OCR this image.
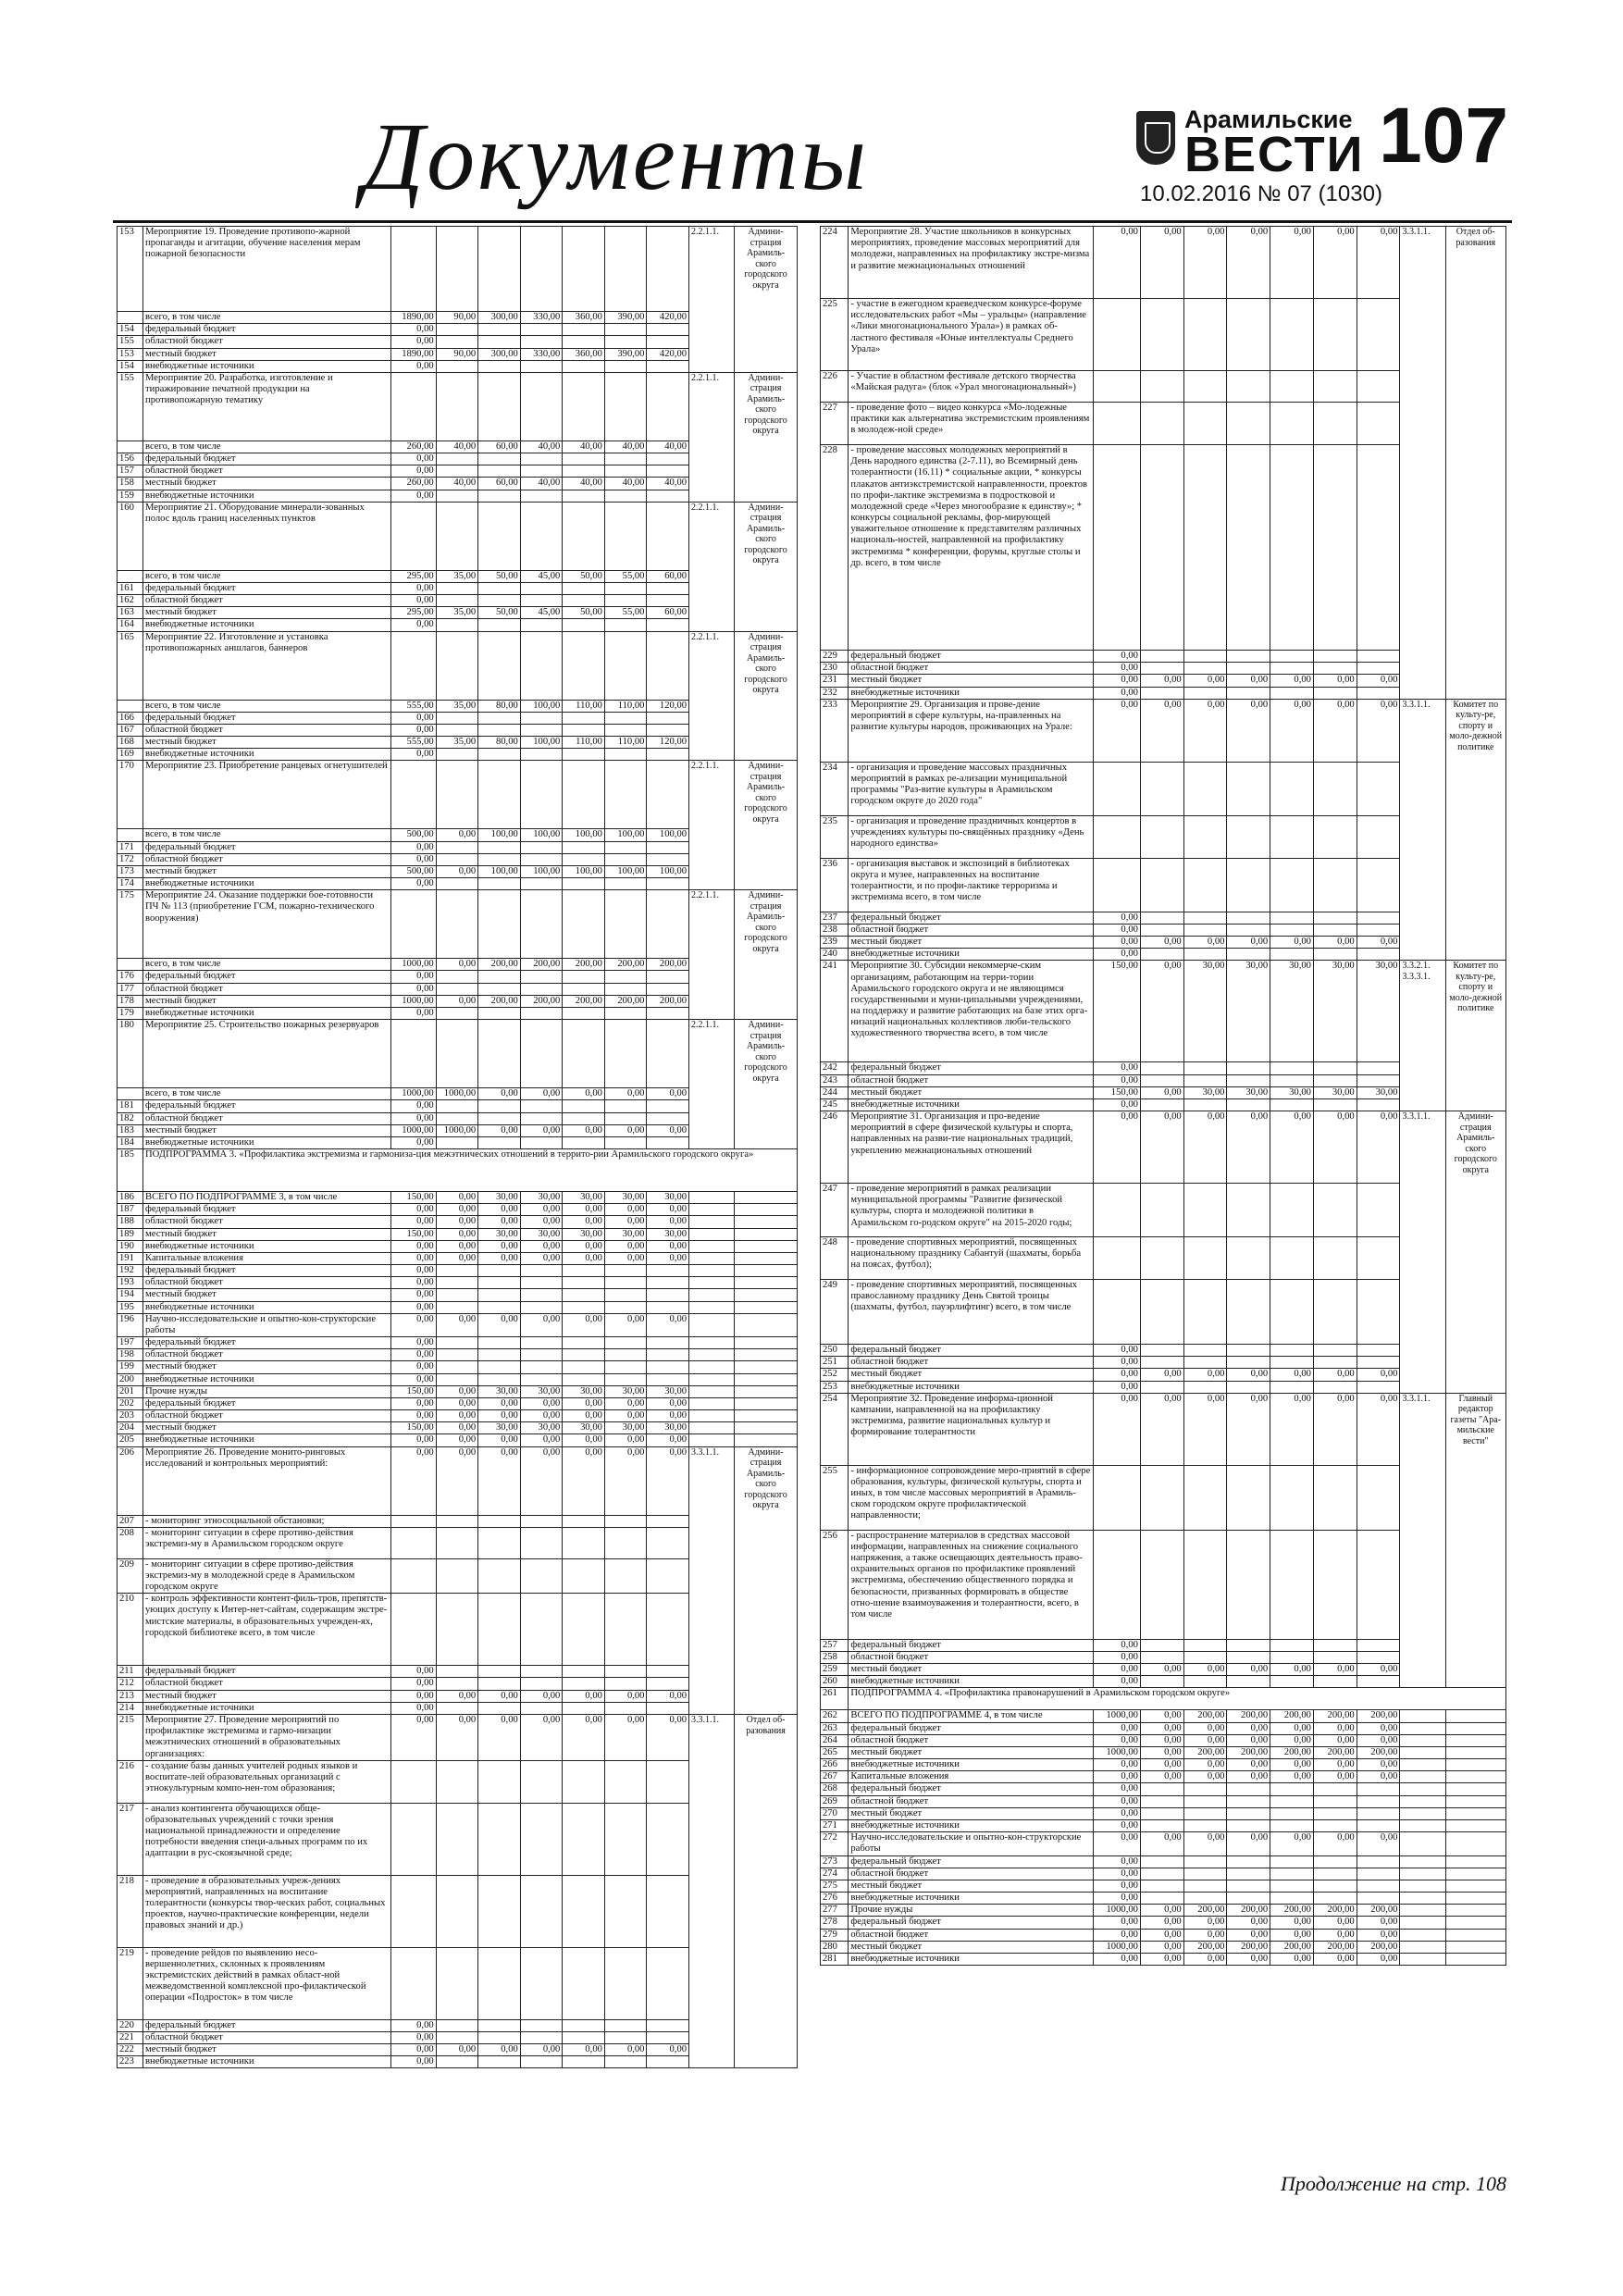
Документы	Арамильские
ВЕСТИ 107
10.02.2016 № 07 (1030)
153	Мероприятие 19. Проведение противопо-жарной пропаганды и агитации, обучение населения мерам пожарной безопасности								2.2.1.1.	Админи-страция Арамиль-ского городского округа
	всего, в том числе	1890,00	90,00	300,00	330,00	360,00	390,00	420,00		
154	федеральный бюджет	0,00								
155	областной бюджет	0,00								
153	местный бюджет	1890,00	90,00	300,00	330,00	360,00	390,00	420,00		
154	внебюджетные источники	0,00								
155	Мероприятие 20. Разработка, изготовление и тиражирование печатной продукции на противопожарную тематику								2.2.1.1.	Админи-страция Арамиль-ского городского округа
	всего, в том числе	260,00	40,00	60,00	40,00	40,00	40,00	40,00		
156	федеральный бюджет	0,00								
157	областной бюджет	0,00								
158	местный бюджет	260,00	40,00	60,00	40,00	40,00	40,00	40,00		
159	внебюджетные источники	0,00								
160	Мероприятие 21. Оборудование минерали-зованных полос вдоль границ населенных пунктов								2.2.1.1.	Админи-страция Арамиль-ского городского округа
	всего, в том числе	295,00	35,00	50,00	45,00	50,00	55,00	60,00		
161	федеральный бюджет	0,00								
162	областной бюджет	0,00								
163	местный бюджет	295,00	35,00	50,00	45,00	50,00	55,00	60,00		
164	внебюджетные источники	0,00								
165	Мероприятие 22. Изготовление и установка противопожарных аншлагов, баннеров								2.2.1.1.	Админи-страция Арамиль-ского городского округа
	всего, в том числе	555,00	35,00	80,00	100,00	110,00	110,00	120,00		
166	федеральный бюджет	0,00								
167	областной бюджет	0,00								
168	местный бюджет	555,00	35,00	80,00	100,00	110,00	110,00	120,00		
169	внебюджетные источники	0,00								
170	Мероприятие 23. Приобретение ранцевых огнетушителей								2.2.1.1.	Админи-страция Арамиль-ского городского округа
	всего, в том числе	500,00	0,00	100,00	100,00	100,00	100,00	100,00		
171	федеральный бюджет	0,00								
172	областной бюджет	0,00								
173	местный бюджет	500,00	0,00	100,00	100,00	100,00	100,00	100,00		
174	внебюджетные источники	0,00								
175	Мероприятие 24. Оказание поддержки бое-готовности ПЧ № 113 (приобретение ГСМ, пожарно-технического вооружения)								2.2.1.1.	Админи-страция Арамиль-ского городского округа
	всего, в том числе	1000,00	0,00	200,00	200,00	200,00	200,00	200,00		
176	федеральный бюджет	0,00								
177	областной бюджет	0,00								
178	местный бюджет	1000,00	0,00	200,00	200,00	200,00	200,00	200,00		
179	внебюджетные источники	0,00								
180	Мероприятие 25. Строительство пожарных резервуаров								2.2.1.1.	Админи-страция Арамиль-ского городского округа
	всего, в том числе	1000,00	1000,00	0,00	0,00	0,00	0,00	0,00		
181	федеральный бюджет	0,00								
182	областной бюджет	0,00								
183	местный бюджет	1000,00	1000,00	0,00	0,00	0,00	0,00	0,00		
184	внебюджетные источники	0,00								
185	ПОДПРОГРАММА 3. «Профилактика экстремизма и гармониза-ция межэтнических отношений в террито-рии Арамильского городского округа»									
186	ВСЕГО ПО ПОДПРОГРАММЕ 3, в том числе	150,00	0,00	30,00	30,00	30,00	30,00	30,00		
187	федеральный бюджет	0,00	0,00	0,00	0,00	0,00	0,00	0,00		
188	областной бюджет	0,00	0,00	0,00	0,00	0,00	0,00	0,00		
189	местный бюджет	150,00	0,00	30,00	30,00	30,00	30,00	30,00		
190	внебюджетные источники	0,00	0,00	0,00	0,00	0,00	0,00	0,00		
191	Капитальные вложения	0,00	0,00	0,00	0,00	0,00	0,00	0,00		
192	федеральный бюджет	0,00								
193	областной бюджет	0,00								
194	местный бюджет	0,00								
195	внебюджетные источники	0,00								
196	Научно-исследовательские и опытно-кон-структорские работы	0,00	0,00	0,00	0,00	0,00	0,00	0,00		
197	федеральный бюджет	0,00								
198	областной бюджет	0,00								
199	местный бюджет	0,00								
200	внебюджетные источники	0,00								
201	Прочие нужды	150,00	0,00	30,00	30,00	30,00	30,00	30,00		
202	федеральный бюджет	0,00	0,00	0,00	0,00	0,00	0,00	0,00		
203	областной бюджет	0,00	0,00	0,00	0,00	0,00	0,00	0,00		
204	местный бюджет	150,00	0,00	30,00	30,00	30,00	30,00	30,00		
205	внебюджетные источники	0,00	0,00	0,00	0,00	0,00	0,00	0,00		
206	Мероприятие 26. Проведение монито-ринговых исследований и контрольных мероприятий:	0,00	0,00	0,00	0,00	0,00	0,00	0,00	3.3.1.1.	Админи-страция Арамиль-ского городского округа
207	- мониторинг этносоциальной обстановки;									
208	- мониторинг ситуации в сфере противо-действия экстремиз-му в Арамильском городском округе									
209	- мониторинг ситуации в сфере противо-действия экстремиз-му в молодежной среде в Арамильском городском округе									
210	- контроль эффективности контент-филь-тров, препятств-ующих доступу к Интер-нет-сайтам, содержащим экстре-мистские материалы, в образовательных учрежден-ях, городской библиотеке всего, в том числе									
211	федеральный бюджет	0,00								
212	областной бюджет	0,00								
213	местный бюджет	0,00	0,00	0,00	0,00	0,00	0,00	0,00		
214	внебюджетные источники	0,00								
215	Мероприятие 27. Проведение мероприятий по профилактике экстремизма и гармо-низации межэтнических отношений в образовательных организациях:	0,00	0,00	0,00	0,00	0,00	0,00	0,00	3.3.1.1.	Отдел об-разования
216	- создание базы данных учителей родных языков и воспитате-лей образовательных организаций с этнокультурным компо-нен-том образования;									
217	- анализ контингента обучающихся обще-образовательных учреждений с точки зрения национальной принадлежности и определение потребности введения специ-альных программ по их адаптации в рус-скоязычной среде;									
218	- проведение в образовательных учреж-дениях мероприятий, направленных на воспитание толерантности (конкурсы твор-ческих работ, социальных проектов, научно-практические конференции, недели правовых знаний и др.)									
219	- проведение рейдов по выявлению несо-вершеннолетних, склонных к проявлениям экстремистских действий в рамках област-ной межведомственной комплексной про-филактической операции «Подросток» в том числе									
220	федеральный бюджет	0,00								
221	областной бюджет	0,00								
222	местный бюджет	0,00	0,00	0,00	0,00	0,00	0,00	0,00		
223	внебюджетные источники	0,00								
224	Мероприятие 28. Участие школьников в конкурсных мероприятиях, проведение массовых мероприятий для молодежи, направленных на профилактику экстре-мизма и развитие межнациональных отношений	0,00	0,00	0,00	0,00	0,00	0,00	0,00	3.3.1.1.	Отдел об-разования
225	- участие в ежегодном краеведческом конкурсе-форуме исследовательских работ «Мы – уральцы» (направление «Лики многонационального Урала») в рамках об-ластного фестиваля «Юные интеллектуалы Среднего Урала»									
226	- Участие в областном фестивале детского творчества «Майская радуга» (блок «Урал многонациональный»)									
227	- проведение фото – видео конкурса «Мо-лодежные практики как альтернатива экстремистским проявлениям в молодеж-ной среде»									
228	- проведение массовых молодежных мероприятий в День народного единства (2-7.11), во Всемирный день толерантности (16.11) * социальные акции, * конкурсы плакатов антиэкстремистской направленности, проектов по профи-лактике экстремизма в подростковой и молодежной среде «Через многообразие к единству»; * конкурсы социальной рекламы, фор-мирующей уважительное отношение к представителям различных националь-ностей, направленной на профилактику экстремизма * конференции, форумы, круглые столы и др. всего, в том числе									
229	федеральный бюджет	0,00								
230	областной бюджет	0,00								
231	местный бюджет	0,00	0,00	0,00	0,00	0,00	0,00	0,00		
232	внебюджетные источники	0,00								
233	Мероприятие 29. Организация и прове-дение мероприятий в сфере культуры, на-правленных на развитие культуры народов, проживающих на Урале:	0,00	0,00	0,00	0,00	0,00	0,00	0,00	3.3.1.1.	Комитет по культу-ре, спорту и моло-дежной политике
234	- организация и проведение массовых праздничных мероприятий в рамках ре-ализации муниципальной программы "Раз-витие культуры в Арамильском городском округе до 2020 года"									
235	- организация и проведение праздничных концертов в учреждениях культуры по-свящённых празднику «День народного единства»									
236	- организация выставок и экспозиций в библиотеках округа и музее, направленных на воспитание толерантности, и по профи-лактике терроризма и экстремизма всего, в том числе									
237	федеральный бюджет	0,00								
238	областной бюджет	0,00								
239	местный бюджет	0,00	0,00	0,00	0,00	0,00	0,00	0,00		
240	внебюджетные источники	0,00								
241	Мероприятие 30. Субсидии некоммерче-ским организациям, работающим на терри-тории Арамильского городского округа и не являющимся государственными и муни-ципальными учреждениями, на поддержку и развитие работающих на базе этих орга-низаций национальных коллективов люби-тельского художественного творчества всего, в том числе	150,00	0,00	30,00	30,00	30,00	30,00	30,00	3.3.2.1. 3.3.3.1.	Комитет по культу-ре, спорту и моло-дежной политике
242	федеральный бюджет	0,00								
243	областной бюджет	0,00								
244	местный бюджет	150,00	0,00	30,00	30,00	30,00	30,00	30,00		
245	внебюджетные источники	0,00								
246	Мероприятие 31. Организация и про-ведение мероприятий в сфере физической культуры и спорта, направленных на разви-тие национальных традиций, укреплению межнациональных отношений	0,00	0,00	0,00	0,00	0,00	0,00	0,00	3.3.1.1.	Админи-страция Арамиль-ского городского округа
247	- проведение мероприятий в рамках реализации муниципальной программы "Развитие физической культуры, спорта и молодежной политики в Арамильском го-родском округе" на 2015-2020 годы;									
248	- проведение спортивных мероприятий, посвященных национальному празднику Сабантуй (шахматы, борьба на поясах, футбол);									
249	- проведение спортивных мероприятий, посвященных православному празднику День Святой троицы (шахматы, футбол, пауэрлифтинг) всего, в том числе									
250	федеральный бюджет	0,00								
251	областной бюджет	0,00								
252	местный бюджет	0,00	0,00	0,00	0,00	0,00	0,00	0,00		
253	внебюджетные источники	0,00								
254	Мероприятие 32. Проведение информа-ционной кампании, направленной на на профилактику экстремизма, развитие национальных культур и формирование толерантности	0,00	0,00	0,00	0,00	0,00	0,00	0,00	3.3.1.1.	Главный редактор газеты "Ара-мильские вести"
255	- информационное сопровождение меро-приятий в сфере образования, культуры, физической культуры, спорта и иных, в том числе массовых мероприятий в Арамиль-ском городском округе профилактической направленности;									
256	- распространение материалов в средствах массовой информации, направленных на снижение социального напряжения, а также освещающих деятельность право-охранительных органов по профилактике проявлений экстремизма, обеспечению общественного порядка и безопасности, призванных формировать в обществе отно-шение взаимоуважения и толерантности, всего, в том числе									
257	федеральный бюджет	0,00								
258	областной бюджет	0,00								
259	местный бюджет	0,00	0,00	0,00	0,00	0,00	0,00	0,00		
260	внебюджетные источники	0,00								
261	ПОДПРОГРАММА 4. «Профилактика правонарушений в Арамильском городском округе»									
262	ВСЕГО ПО ПОДПРОГРАММЕ 4, в том числе	1000,00	0,00	200,00	200,00	200,00	200,00	200,00		
263	федеральный бюджет	0,00	0,00	0,00	0,00	0,00	0,00	0,00		
264	областной бюджет	0,00	0,00	0,00	0,00	0,00	0,00	0,00		
265	местный бюджет	1000,00	0,00	200,00	200,00	200,00	200,00	200,00		
266	внебюджетные источники	0,00	0,00	0,00	0,00	0,00	0,00	0,00		
267	Капитальные вложения	0,00	0,00	0,00	0,00	0,00	0,00	0,00		
268	федеральный бюджет	0,00								
269	областной бюджет	0,00								
270	местный бюджет	0,00								
271	внебюджетные источники	0,00								
272	Научно-исследовательские и опытно-кон-структорские работы	0,00	0,00	0,00	0,00	0,00	0,00	0,00		
273	федеральный бюджет	0,00								
274	областной бюджет	0,00								
275	местный бюджет	0,00								
276	внебюджетные источники	0,00								
277	Прочие нужды	1000,00	0,00	200,00	200,00	200,00	200,00	200,00		
278	федеральный бюджет	0,00	0,00	0,00	0,00	0,00	0,00	0,00		
279	областной бюджет	0,00	0,00	0,00	0,00	0,00	0,00	0,00		
280	местный бюджет	1000,00	0,00	200,00	200,00	200,00	200,00	200,00		
281	внебюджетные источники	0,00	0,00	0,00	0,00	0,00	0,00	0,00		
Продолжение на стр. 108
